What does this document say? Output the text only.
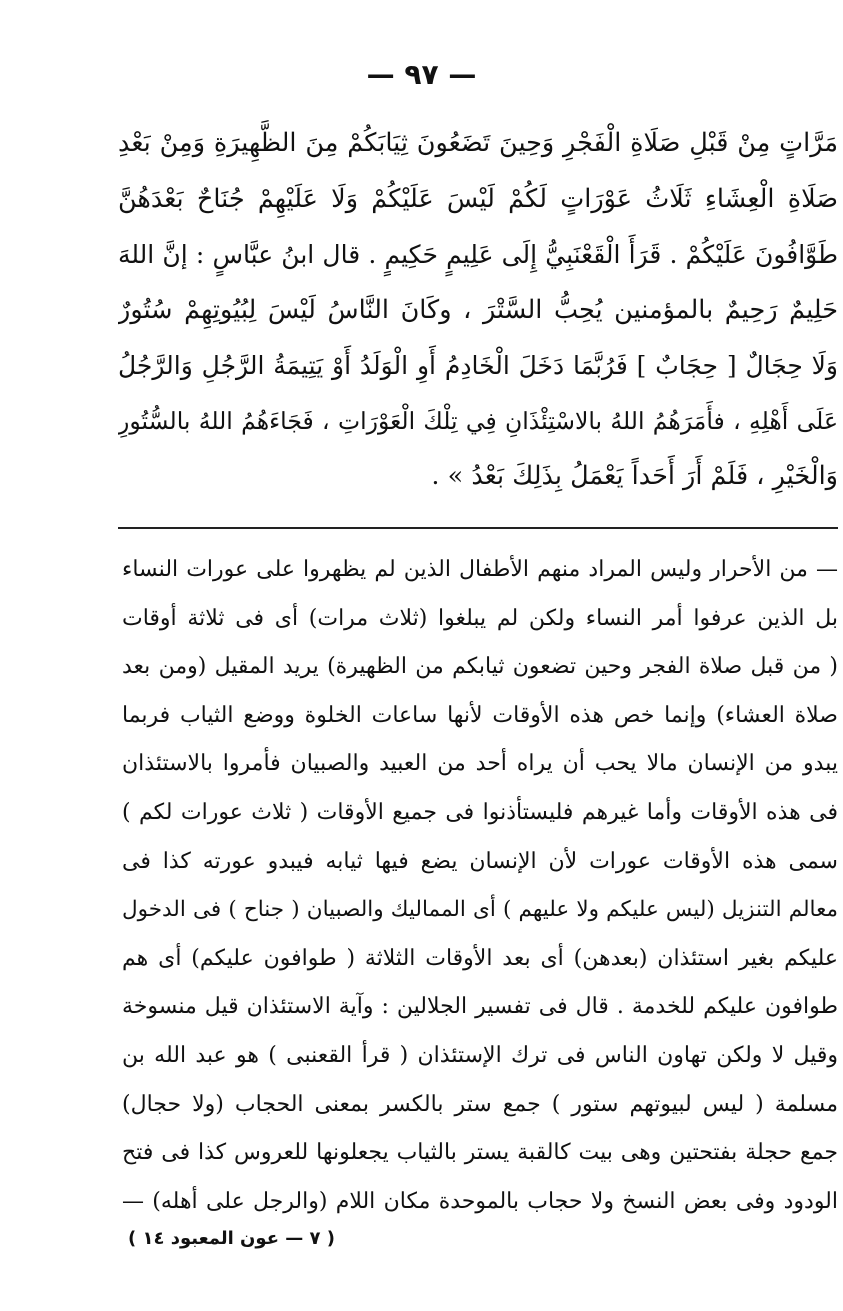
— ٩٧ —
مَرَّاتٍ مِنْ قَبْلِ صَلَاةِ الْفَجْرِ وَحِينَ تَضَعُونَ ثِيَابَكُمْ مِنَ الظَّهِيرَةِ وَمِنْ بَعْدِ
صَلَاةِ الْعِشَاءِ ثَلَاثُ عَوْرَاتٍ لَكُمْ لَيْسَ عَلَيْكُمْ وَلَا عَلَيْهِمْ جُنَاحٌ بَعْدَهُنَّ
طَوَّافُونَ عَلَيْكُمْ . قَرَأَ الْقَعْنَبِيُّ إِلَى عَلِيمٍ حَكِيمٍ . قال ابنُ عبَّاسٍ : إنَّ اللهَ
حَلِيمٌ رَحِيمٌ بالمؤمنين يُحِبُّ السَّتْرَ ، وكَانَ النَّاسُ لَيْسَ لِبُيُوتِهِمْ سُتُورٌ
وَلَا حِجَالٌ [ حِجَابٌ ] فَرُبَّمَا دَخَلَ الْخَادِمُ أَوِ الْوَلَدُ أَوْ يَتِيمَةُ الرَّجُلِ وَالرَّجُلُ
عَلَى أَهْلِهِ ، فأَمَرَهُمُ اللهُ بالاسْتِئْذَانِ فِي تِلْكَ الْعَوْرَاتِ ، فَجَاءَهُمُ اللهُ بالسُّتُورِ
وَالْخَيْرِ ، فَلَمْ أَرَ أَحَداً يَعْمَلُ بِذَلِكَ بَعْدُ » .
— من الأحرار وليس المراد منهم الأطفال الذين لم يظهروا على عورات النساء
بل الذين عرفوا أمر النساء ولكن لم يبلغوا (ثلاث مرات) أى فى ثلاثة أوقات
( من قبل صلاة الفجر وحين تضعون ثيابكم من الظهيرة) يريد المقيل (ومن بعد
صلاة العشاء) وإنما خص هذه الأوقات لأنها ساعات الخلوة ووضع الثياب فربما
يبدو من الإنسان مالا يحب أن يراه أحد من العبيد والصبيان فأمروا بالاستئذان
فى هذه الأوقات وأما غيرهم فليستأذنوا فى جميع الأوقات ( ثلاث عورات لكم )
سمى هذه الأوقات عورات لأن الإنسان يضع فيها ثيابه فيبدو عورته كذا فى
معالم التنزيل (ليس عليكم ولا عليهم ) أى المماليك والصبيان ( جناح ) فى الدخول
عليكم بغير استئذان (بعدهن) أى بعد الأوقات الثلاثة ( طوافون عليكم) أى هم
طوافون عليكم للخدمة . قال فى تفسير الجلالين : وآية الاستئذان قيل منسوخة
وقيل لا ولكن تهاون الناس فى ترك الإستئذان ( قرأ القعنبى ) هو عبد الله بن
مسلمة ( ليس لبيوتهم ستور ) جمع ستر بالكسر بمعنى الحجاب (ولا حجال)
جمع حجلة بفتحتين وهى بيت كالقبة يستر بالثياب يجعلونها للعروس كذا فى فتح
الودود وفى بعض النسخ ولا حجاب بالموحدة مكان اللام (والرجل على أهله) —
( ٧ — عون المعبود ١٤ )
